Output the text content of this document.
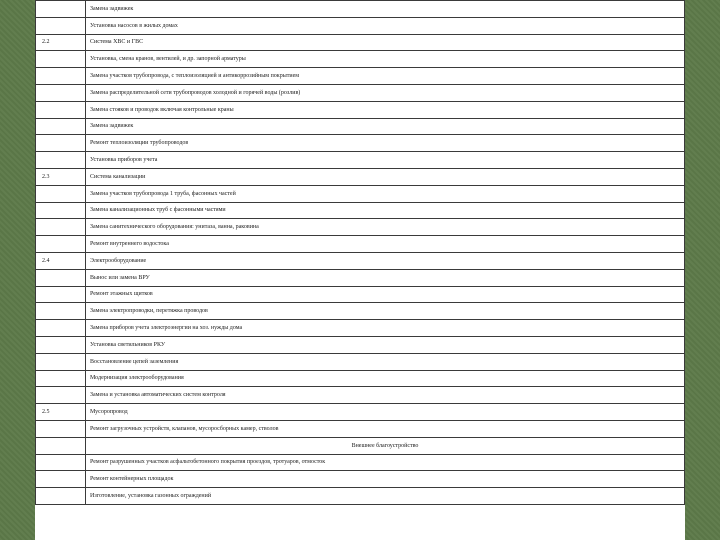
	Замена задвижек
	Установка насосов в жилых домах
2.2	Система ХВС и ГВС
	Установка, смена кранов, вентилей, и др. запорной арматуры
	Замена участков трубопровода, с теплоизоляцией и антикоррозийным покрытием
	Замена распределительной сети трубопроводов холодной и горячей воды (розлив)
	Замена стояков и проводок включая контрольные краны
	Замена задвижек
	Ремонт теплоизоляции трубопроводов
	Установка приборов учета
2.3	Система канализации
	Замена участков трубопровода 1 труба, фасонных частей
	Замена канализационных труб с фасонными частями
	Замена санитехнического оборудования: унитаза, ванна, раковина
	Ремонт внутреннего водостока
2.4	Электрооборудование
	Вынос или замена ВРУ
	Ремонт этажных щитков
	Замена электропроводки, перетяжка проводов
	Замена приборов учета электроэнергии на хоз. нужды дома
	Установка светильников РКУ
	Восстановление цепей заземления
	Модернизация электрооборудования
	Замена и установка автоматических систем контроля
2.5	Мусоропровод
	Ремонт загрузочных устройств, клапанов, мусоросборных камер, стволов
	Внешнее благоустройство
	Ремонт разрушенных участков асфальтобетонного покрытия проездов, тротуаров, отмосток
	Ремонт контейнерных площадок
	Изготовление, установка газонных ограждений
